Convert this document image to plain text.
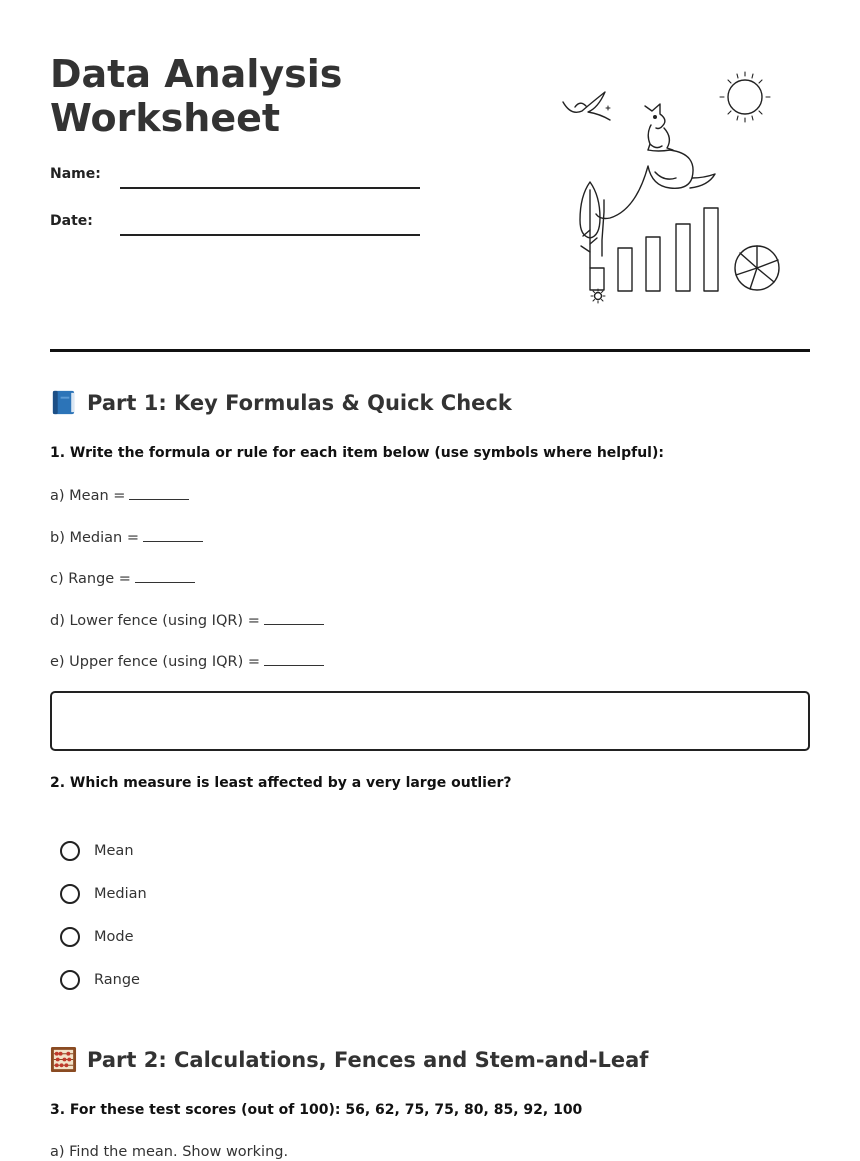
Data Analysis
Worksheet
Name:
Date:
Part 1: Key Formulas & Quick Check

1. Write the formula or rule for each item below (use symbols where helpful):

a) Mean =
b) Median =
c) Range =
d) Lower fence (using IQR) =
e) Upper fence (using IQR) =

2. Which measure is least affected by a very large outlier?

Mean
Median
Mode
Range
Part 2: Calculations, Fences and Stem-and-Leaf

3. For these test scores (out of 100): 56, 62, 75, 75, 80, 85, 92, 100

a) Find the mean. Show working.
